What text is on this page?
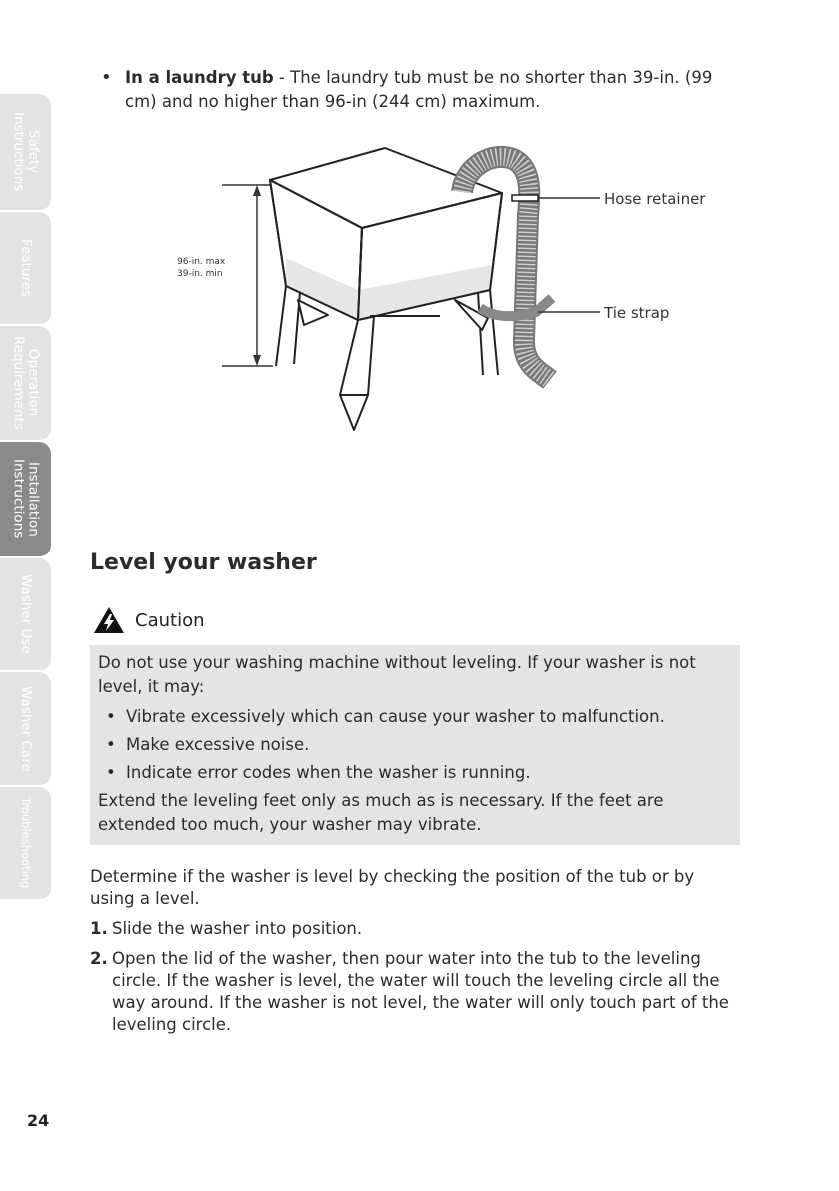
Safety
Instructions
Features
Operation
Requirements
Installation
Instructions
Washer Use
Washer Care
Troubleshooting
• In a laundry tub - The laundry tub must be no shorter than 39-in. (99 cm) and no higher than 96-in (244 cm) maximum.
96-in. max
39-in. min
Hose retainer
Tie strap
Level your washer
Caution

Do not use your washing machine without leveling. If your washer is not level, it may:

• Vibrate excessively which can cause your washer to malfunction.
• Make excessive noise.
• Indicate error codes when the washer is running.

Extend the leveling feet only as much as is necessary. If the feet are extended too much, your washer may vibrate.

Determine if the washer is level by checking the position of the tub or by using a level.

1. Slide the washer into position.
2. Open the lid of the washer, then pour water into the tub to the leveling circle. If the washer is level, the water will touch the leveling circle all the way around. If the washer is not level, the water will only touch part of the leveling circle.
24
